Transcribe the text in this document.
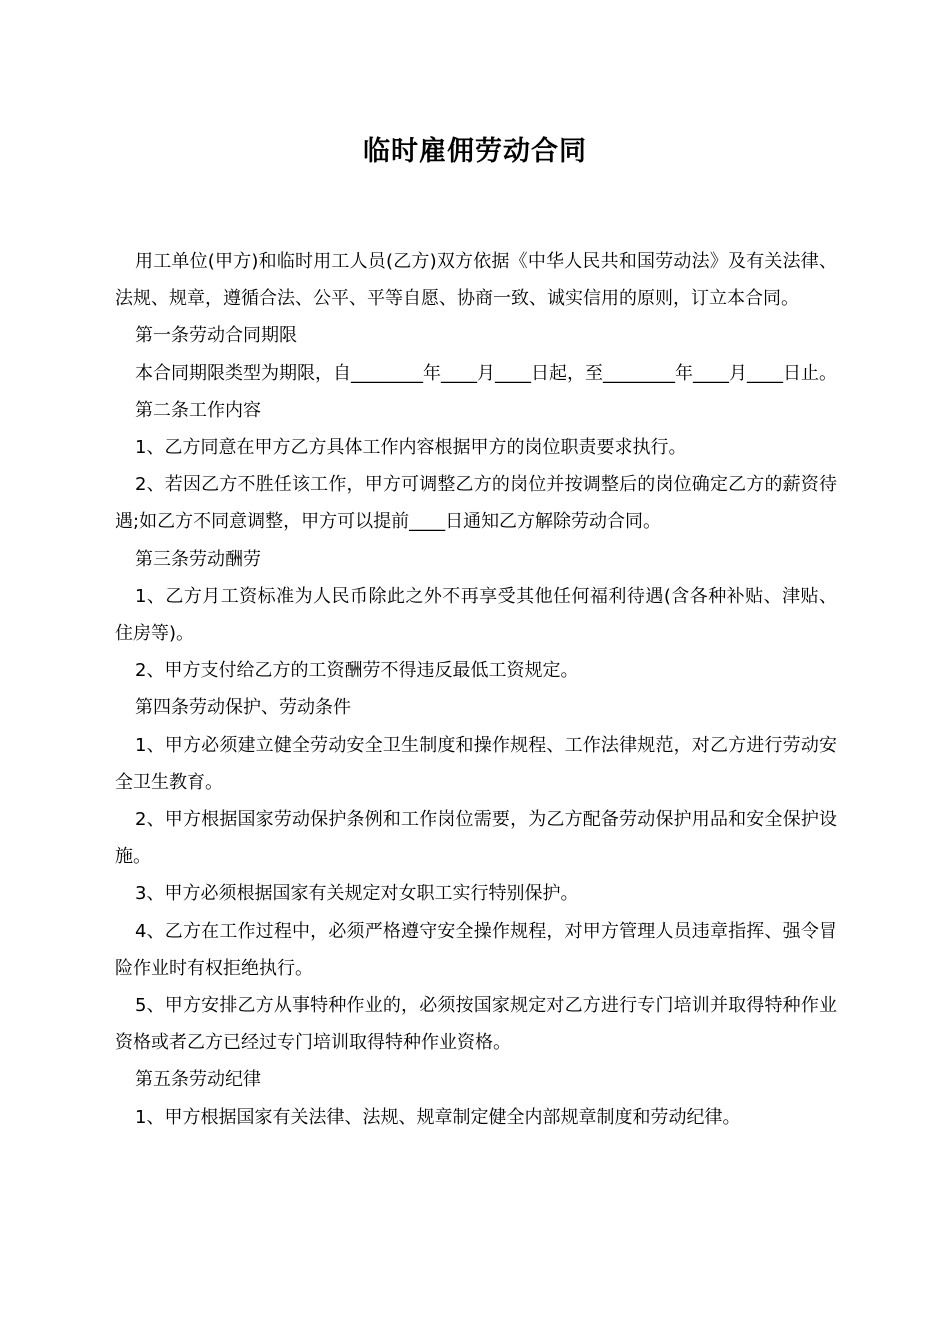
临时雇佣劳动合同

用工单位(甲方)和临时用工人员(乙方)双方依据《中华人民共和国劳动法》及有关法律、法规、规章，遵循合法、公平、平等自愿、协商一致、诚实信用的原则，订立本合同。

第一条劳动合同期限

本合同期限类型为期限，自________年____月____日起，至________年____月____日止。

第二条工作内容

1、乙方同意在甲方乙方具体工作内容根据甲方的岗位职责要求执行。

2、若因乙方不胜任该工作，甲方可调整乙方的岗位并按调整后的岗位确定乙方的薪资待遇;如乙方不同意调整，甲方可以提前____日通知乙方解除劳动合同。

第三条劳动酬劳

1、乙方月工资标准为人民币除此之外不再享受其他任何福利待遇(含各种补贴、津贴、住房等)。

2、甲方支付给乙方的工资酬劳不得违反最低工资规定。

第四条劳动保护、劳动条件

1、甲方必须建立健全劳动安全卫生制度和操作规程、工作法律规范，对乙方进行劳动安全卫生教育。

2、甲方根据国家劳动保护条例和工作岗位需要，为乙方配备劳动保护用品和安全保护设施。

3、甲方必须根据国家有关规定对女职工实行特别保护。

4、乙方在工作过程中，必须严格遵守安全操作规程，对甲方管理人员违章指挥、强令冒险作业时有权拒绝执行。

5、甲方安排乙方从事特种作业的，必须按国家规定对乙方进行专门培训并取得特种作业资格或者乙方已经过专门培训取得特种作业资格。

第五条劳动纪律

1、甲方根据国家有关法律、法规、规章制定健全内部规章制度和劳动纪律。
